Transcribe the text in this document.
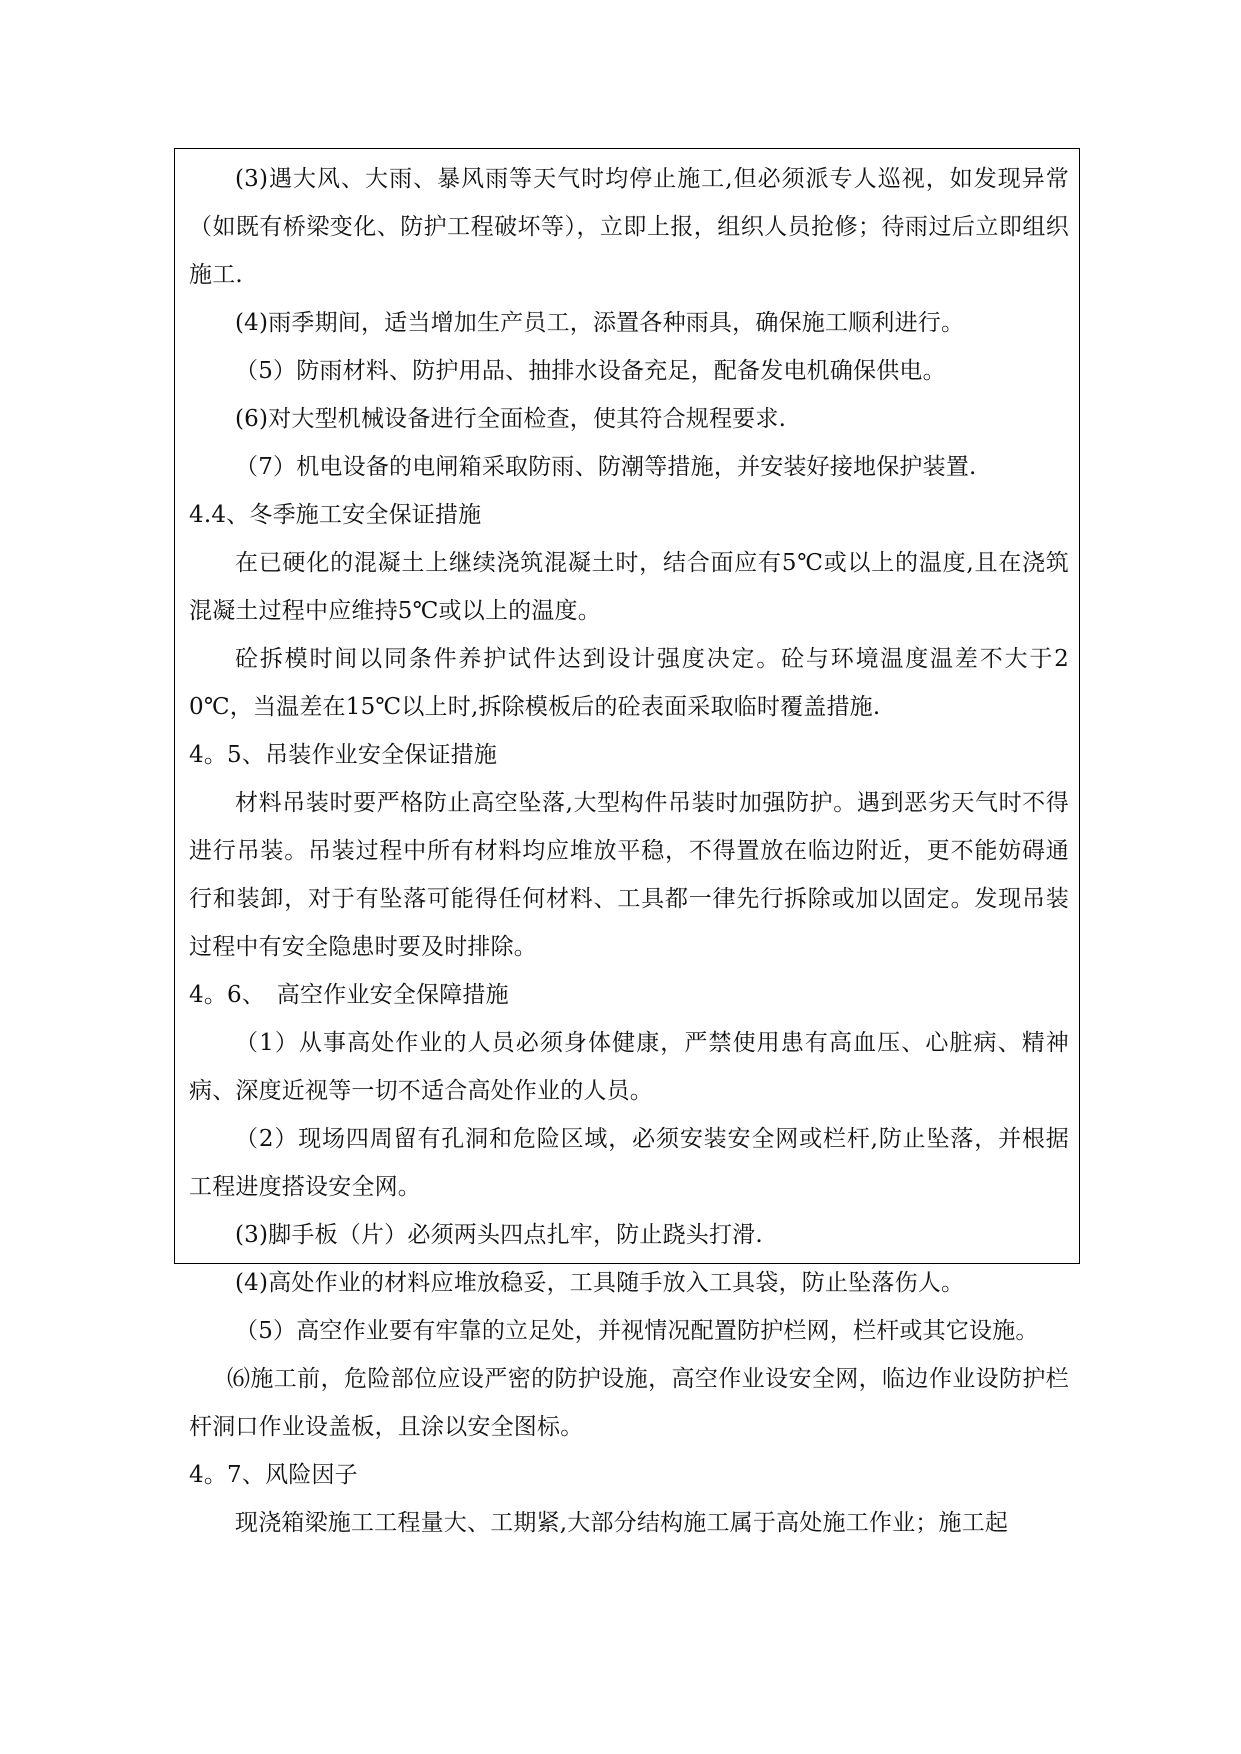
(3)遇大风、大雨、暴风雨等天气时均停止施工,但必须派专人巡视，如发现异常（如既有桥梁变化、防护工程破坏等），立即上报，组织人员抢修；待雨过后立即组织施工.

(4)雨季期间，适当增加生产员工，添置各种雨具，确保施工顺利进行。

（5）防雨材料、防护用品、抽排水设备充足，配备发电机确保供电。

(6)对大型机械设备进行全面检查，使其符合规程要求.

（7）机电设备的电闸箱采取防雨、防潮等措施，并安装好接地保护装置.

4.4、冬季施工安全保证措施

在已硬化的混凝土上继续浇筑混凝土时，结合面应有5℃或以上的温度,且在浇筑混凝土过程中应维持5℃或以上的温度。

砼拆模时间以同条件养护试件达到设计强度决定。砼与环境温度温差不大于20℃，当温差在15℃以上时,拆除模板后的砼表面采取临时覆盖措施.

4。5、吊装作业安全保证措施

材料吊装时要严格防止高空坠落,大型构件吊装时加强防护。遇到恶劣天气时不得进行吊装。吊装过程中所有材料均应堆放平稳，不得置放在临边附近，更不能妨碍通行和装卸，对于有坠落可能得任何材料、工具都一律先行拆除或加以固定。发现吊装过程中有安全隐患时要及时排除。

4。6、　高空作业安全保障措施

（1）从事高处作业的人员必须身体健康，严禁使用患有高血压、心脏病、精神病、深度近视等一切不适合高处作业的人员。

（2）现场四周留有孔洞和危险区域，必须安装安全网或栏杆,防止坠落，并根据工程进度搭设安全网。

(3)脚手板（片）必须两头四点扎牢，防止跷头打滑.

(4)高处作业的材料应堆放稳妥，工具随手放入工具袋，防止坠落伤人。

（5）高空作业要有牢靠的立足处，并视情况配置防护栏网，栏杆或其它设施。

⑹施工前，危险部位应设严密的防护设施，高空作业设安全网，临边作业设防护栏杆洞口作业设盖板，且涂以安全图标。

4。7、风险因子

现浇箱梁施工工程量大、工期紧,大部分结构施工属于高处施工作业；施工起
